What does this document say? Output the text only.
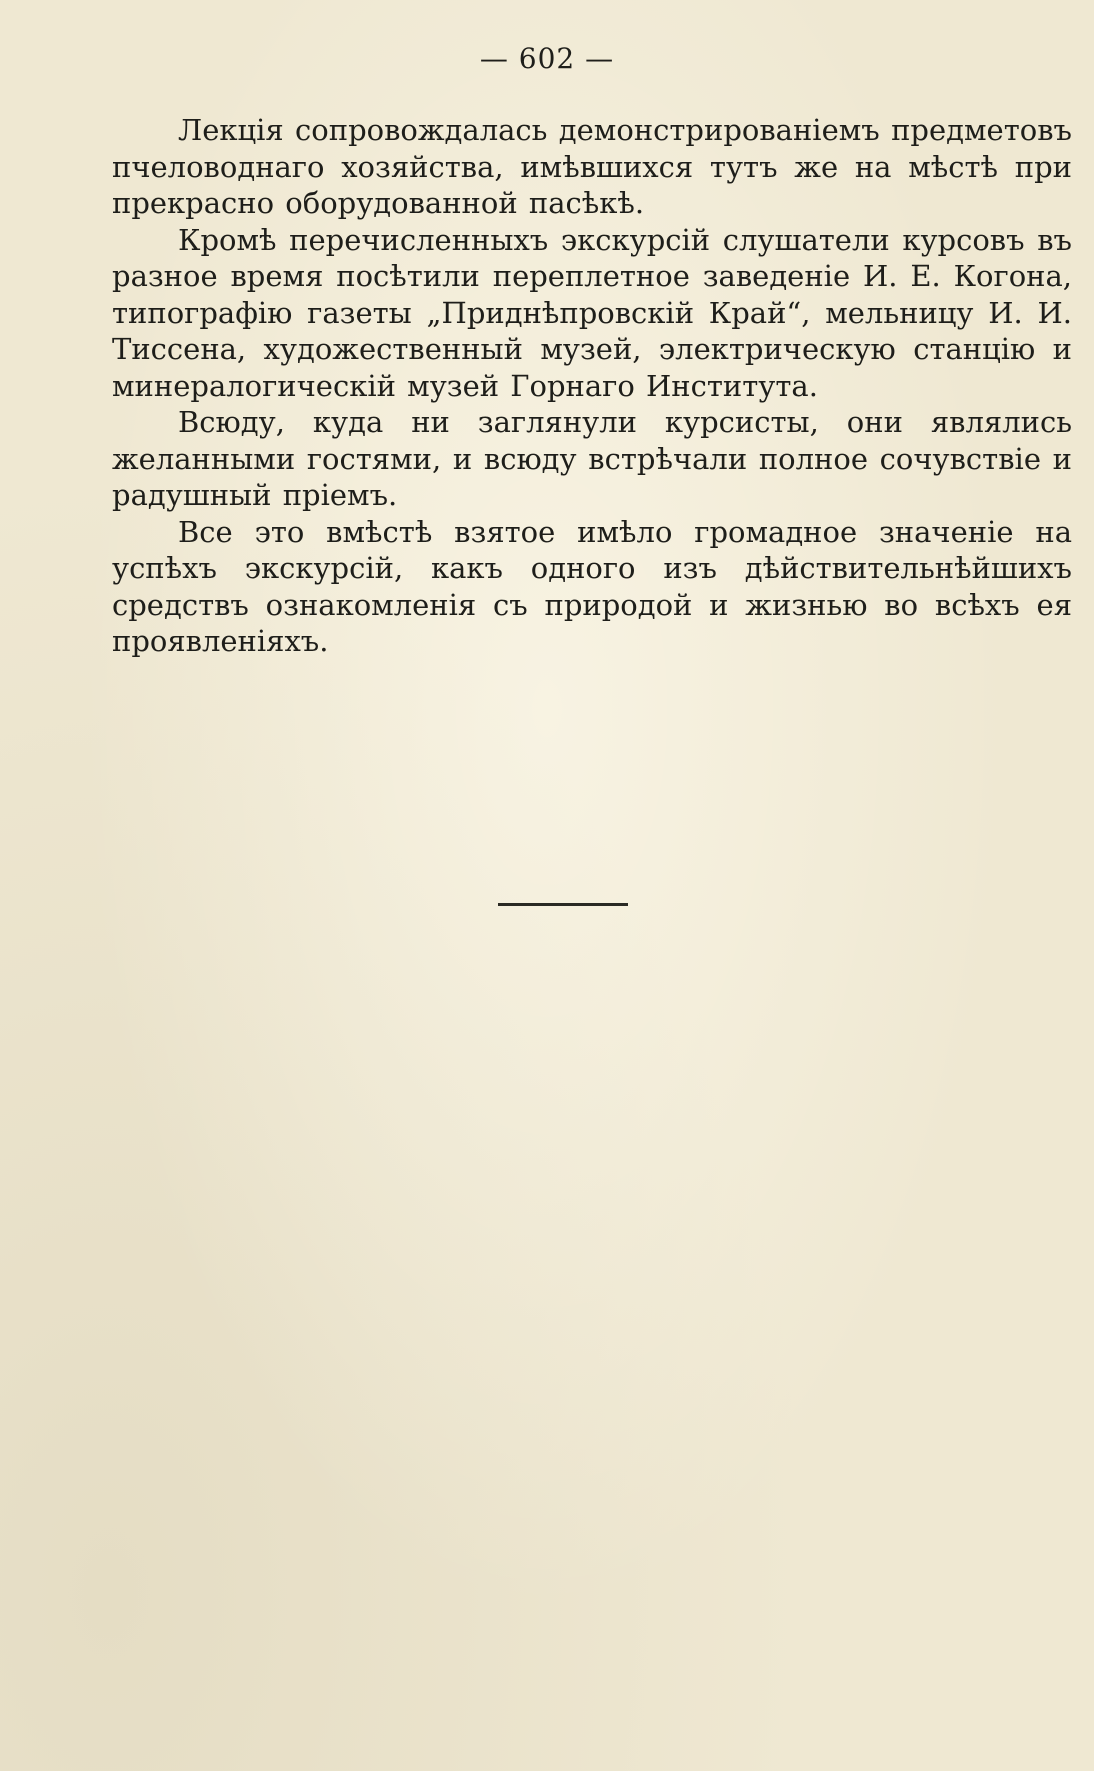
— 602 —

Лекція сопровождалась демонстрированіемъ предметовъ пчеловоднаго хозяйства, имѣвшихся тутъ же на мѣстѣ при прекрасно оборудованной пасѣкѣ.

Кромѣ перечисленныхъ экскурсій слушатели курсовъ въ разное время посѣтили переплетное заведеніе И. Е. Когона, типографію газеты „Приднѣпровскій Край“, мельницу И. И. Тиссена, художественный музей, электрическую станцію и минералогическій музей Горнаго Института.

Всюду, куда ни заглянули курсисты, они являлись желанными гостями, и всюду встрѣчали полное сочувствіе и радушный пріемъ.

Все это вмѣстѣ взятое имѣло громадное значеніе на успѣхъ экскурсій, какъ одного изъ дѣйствительнѣйшихъ средствъ ознакомленія съ природой и жизнью во всѣхъ ея проявленіяхъ.
